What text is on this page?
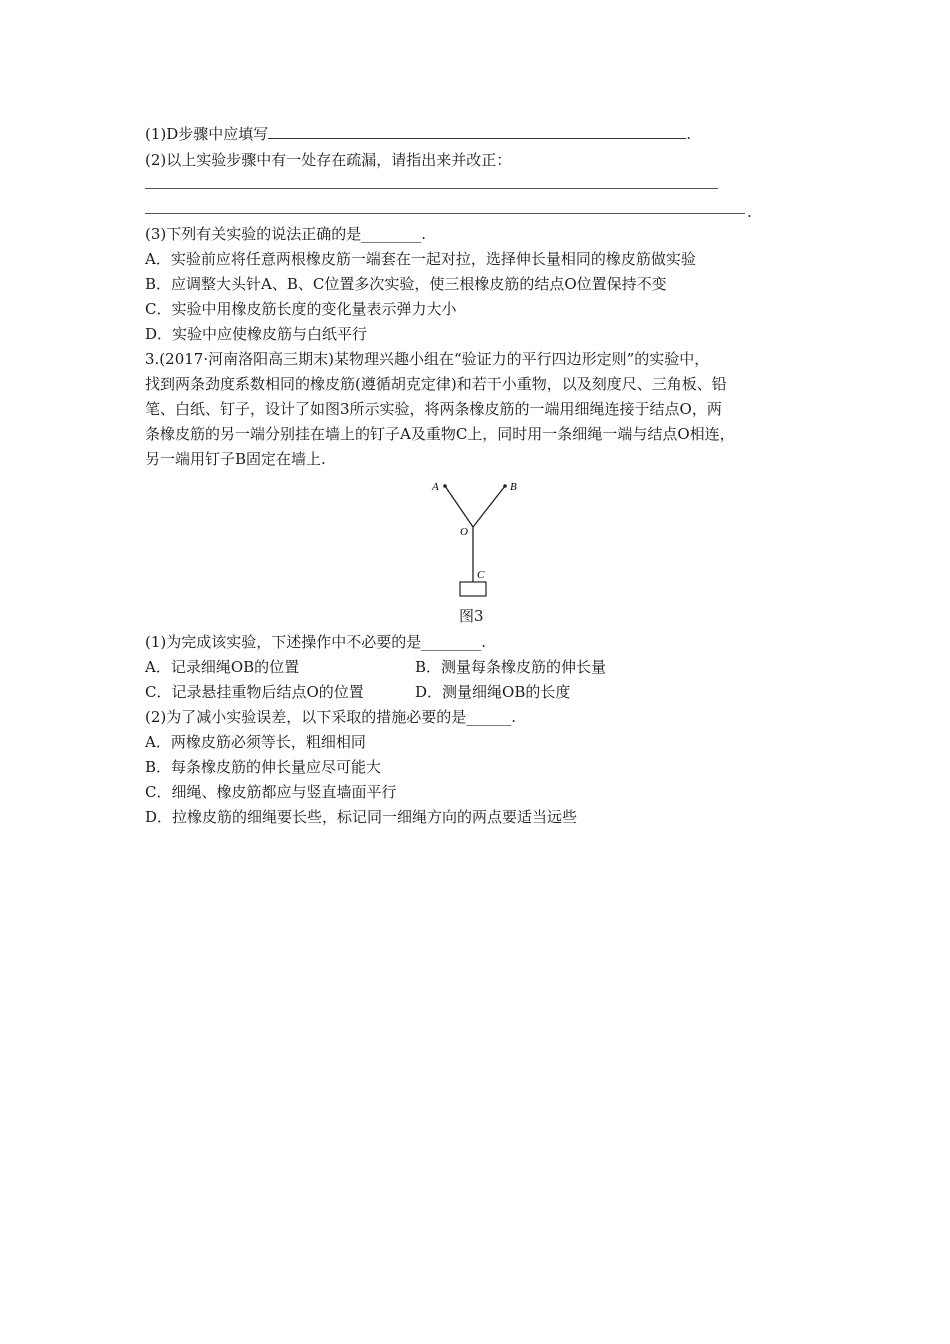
(1)D步骤中应填写	.
(2)以上实验步骤中有一处存在疏漏，请指出来并改正：
.
(3)下列有关实验的说法正确的是________.
A．实验前应将任意两根橡皮筋一端套在一起对拉，选择伸长量相同的橡皮筋做实验
B．应调整大头针A、B、C位置多次实验，使三根橡皮筋的结点O位置保持不变
C．实验中用橡皮筋长度的变化量表示弹力大小
D．实验中应使橡皮筋与白纸平行
3.(2017·河南洛阳高三期末)某物理兴趣小组在“验证力的平行四边形定则”的实验中，
找到两条劲度系数相同的橡皮筋(遵循胡克定律)和若干小重物，以及刻度尺、三角板、铅
笔、白纸、钉子，设计了如图3所示实验，将两条橡皮筋的一端用细绳连接于结点O，两
条橡皮筋的另一端分别挂在墙上的钉子A及重物C上，同时用一条细绳一端与结点O相连，
另一端用钉子B固定在墙上.
A	B
O
C
图3
(1)为完成该实验，下述操作中不必要的是________.
A．记录细绳OB的位置	B．测量每条橡皮筋的伸长量
C．记录悬挂重物后结点O的位置	D．测量细绳OB的长度
(2)为了减小实验误差，以下采取的措施必要的是______.
A．两橡皮筋必须等长，粗细相同
B．每条橡皮筋的伸长量应尽可能大
C．细绳、橡皮筋都应与竖直墙面平行
D．拉橡皮筋的细绳要长些，标记同一细绳方向的两点要适当远些
